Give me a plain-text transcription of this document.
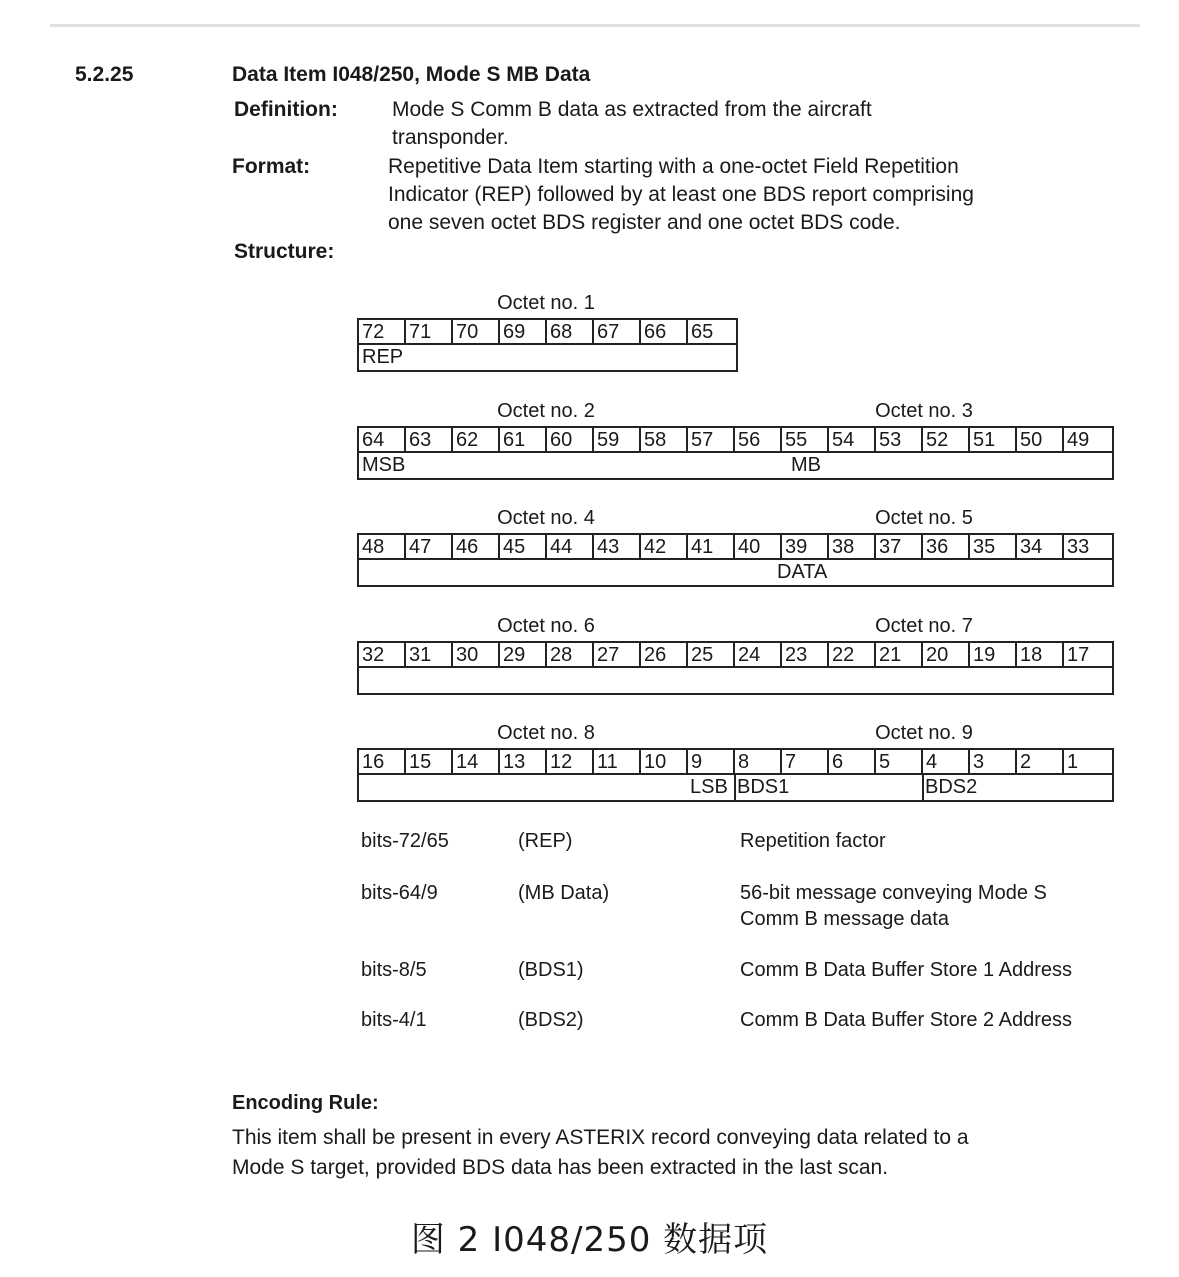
5.2.25	Data Item I048/250, Mode S MB Data
Definition:	Mode S Comm B data as extracted from the aircraft
transponder.
Format:	Repetitive Data Item starting with a one-octet Field Repetition
Indicator (REP) followed by at least one BDS report comprising
one seven octet BDS register and one octet BDS code.
Structure:
Octet no. 1
72	71	70	69	68	67	66	65
REP
Octet no. 2	Octet no. 3
64	63	62	61	60	59	58	57	56	55	54	53	52	51	50	49
MSB	MB
Octet no. 4	Octet no. 5
48	47	46	45	44	43	42	41	40	39	38	37	36	35	34	33
DATA
Octet no. 6	Octet no. 7
32	31	30	29	28	27	26	25	24	23	22	21	20	19	18	17
Octet no. 8	Octet no. 9
16	15	14	13	12	11	10	9	8	7	6	5	4	3	2	1
LSB BDS1	BDS2
bits-72/65	(REP)	Repetition factor
bits-64/9	(MB Data)	56-bit message conveying Mode S
Comm B message data
bits-8/5	(BDS1)	Comm B Data Buffer Store 1 Address
bits-4/1	(BDS2)	Comm B Data Buffer Store 2 Address
Encoding Rule:
This item shall be present in every ASTERIX record conveying data related to a
Mode S target, provided BDS data has been extracted in the last scan.
图 2 I048/250 数据项
